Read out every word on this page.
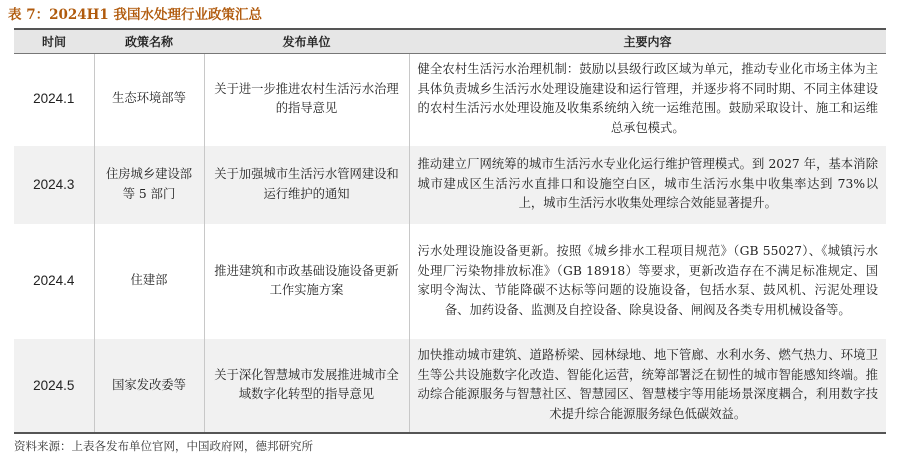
表 7：2024H1 我国水处理行业政策汇总
时间	政策名称	发布单位	主要内容
2024.1	生态环境部等	关于进一步推进农村生活污水治理的指导意见	健全农村生活污水治理机制：鼓励以县级行政区域为单元，推动专业化市场主体为主具体负责城乡生活污水处理设施建设和运行管理，并逐步将不同时期、不同主体建设的农村生活污水处理设施及收集系统纳入统一运维范围。鼓励采取设计、施工和运维总承包模式。
2024.3	住房城乡建设部等 5 部门	关于加强城市生活污水管网建设和运行维护的通知	推动建立厂网统筹的城市生活污水专业化运行维护管理模式。到 2027 年，基本消除城市建成区生活污水直排口和设施空白区，城市生活污水集中收集率达到 73%以上，城市生活污水收集处理综合效能显著提升。
2024.4	住建部	推进建筑和市政基础设施设备更新工作实施方案	污水处理设施设备更新。按照《城乡排水工程项目规范》（GB 55027）、《城镇污水处理厂污染物排放标准》（GB 18918）等要求，更新改造存在不满足标准规定、国家明令淘汰、节能降碳不达标等问题的设施设备，包括水泵、鼓风机、污泥处理设备、加药设备、监测及自控设备、除臭设备、闸阀及各类专用机械设备等。
2024.5	国家发改委等	关于深化智慧城市发展推进城市全域数字化转型的指导意见	加快推动城市建筑、道路桥梁、园林绿地、地下管廊、水利水务、燃气热力、环境卫生等公共设施数字化改造、智能化运营，统筹部署泛在韧性的城市智能感知终端。推动综合能源服务与智慧社区、智慧园区、智慧楼宇等用能场景深度耦合，利用数字技术提升综合能源服务绿色低碳效益。
资料来源：上表各发布单位官网，中国政府网，德邦研究所
